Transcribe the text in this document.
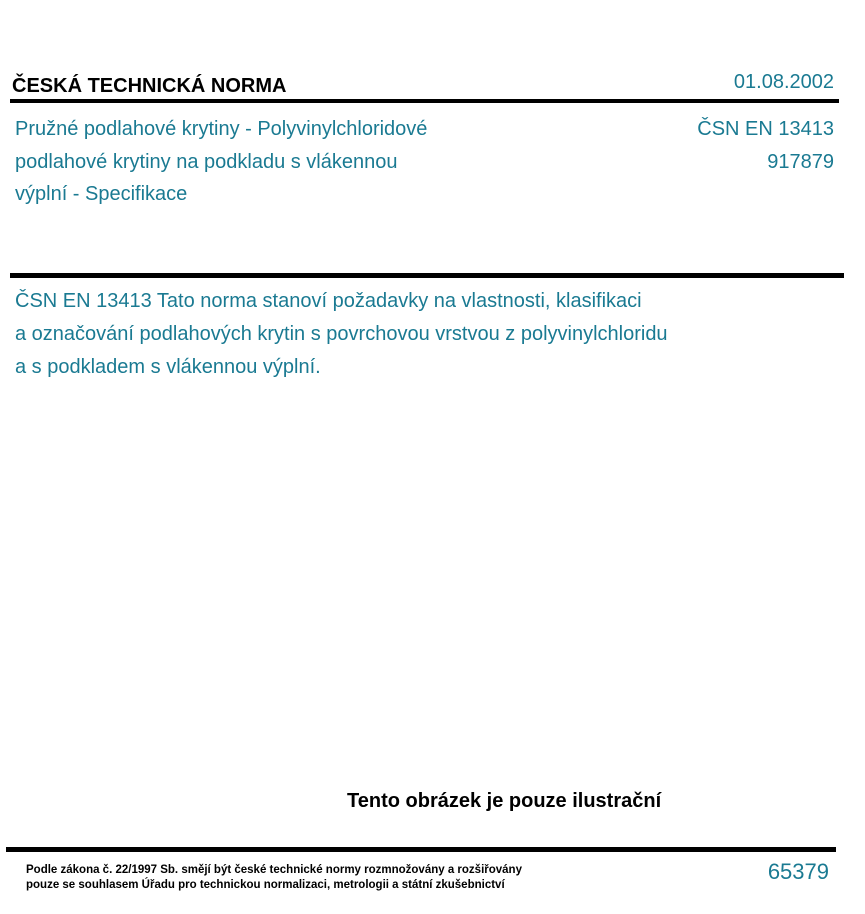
ČESKÁ TECHNICKÁ NORMA	01.08.2002
Pružné podlahové krytiny - Polyvinylchloridové
podlahové krytiny na podkladu s vlákennou
výplní - Specifikace
ČSN EN 13413
917879
ČSN EN 13413 Tato norma stanoví požadavky na vlastnosti, klasifikaci
a označování podlahových krytin s povrchovou vrstvou z polyvinylchloridu
a s podkladem s vlákennou výplní.
Tento obrázek je pouze ilustrační
Podle zákona č. 22/1997 Sb. smějí být české technické normy rozmnožovány a rozšiřovány
pouze se souhlasem Úřadu pro technickou normalizaci, metrologii a státní zkušebnictví
65379
